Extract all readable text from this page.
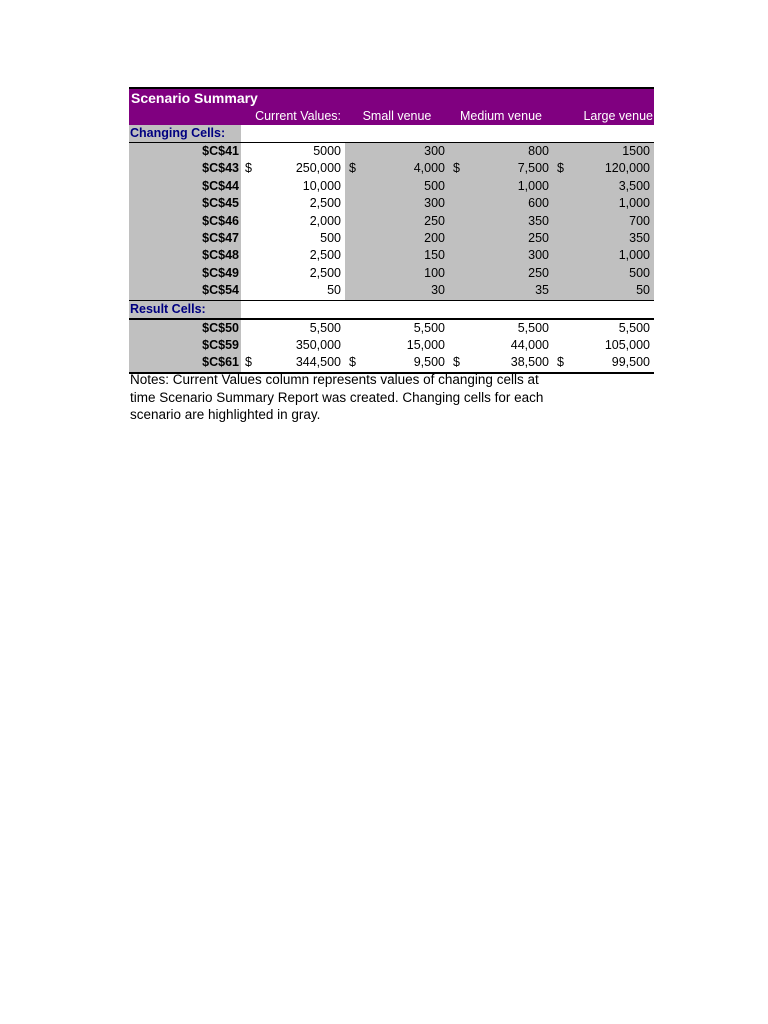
Scenario Summary
Current Values:	Small venue	Medium venue	Large venue
Changing Cells:
$C$41	5000	300	800	1500
$C$43 $	250,000 $	4,000 $	7,500 $	120,000
$C$44	10,000	500	1,000	3,500
$C$45	2,500	300	600	1,000
$C$46	2,000	250	350	700
$C$47	500	200	250	350
$C$48	2,500	150	300	1,000
$C$49	2,500	100	250	500
$C$54	50	30	35	50
Result Cells:
$C$50	5,500	5,500	5,500	5,500
$C$59	350,000	15,000	44,000	105,000
$C$61 $	344,500 $	9,500 $	38,500 $	99,500
Notes: Current Values column represents values of changing cells at
time Scenario Summary Report was created. Changing cells for each
scenario are highlighted in gray.
